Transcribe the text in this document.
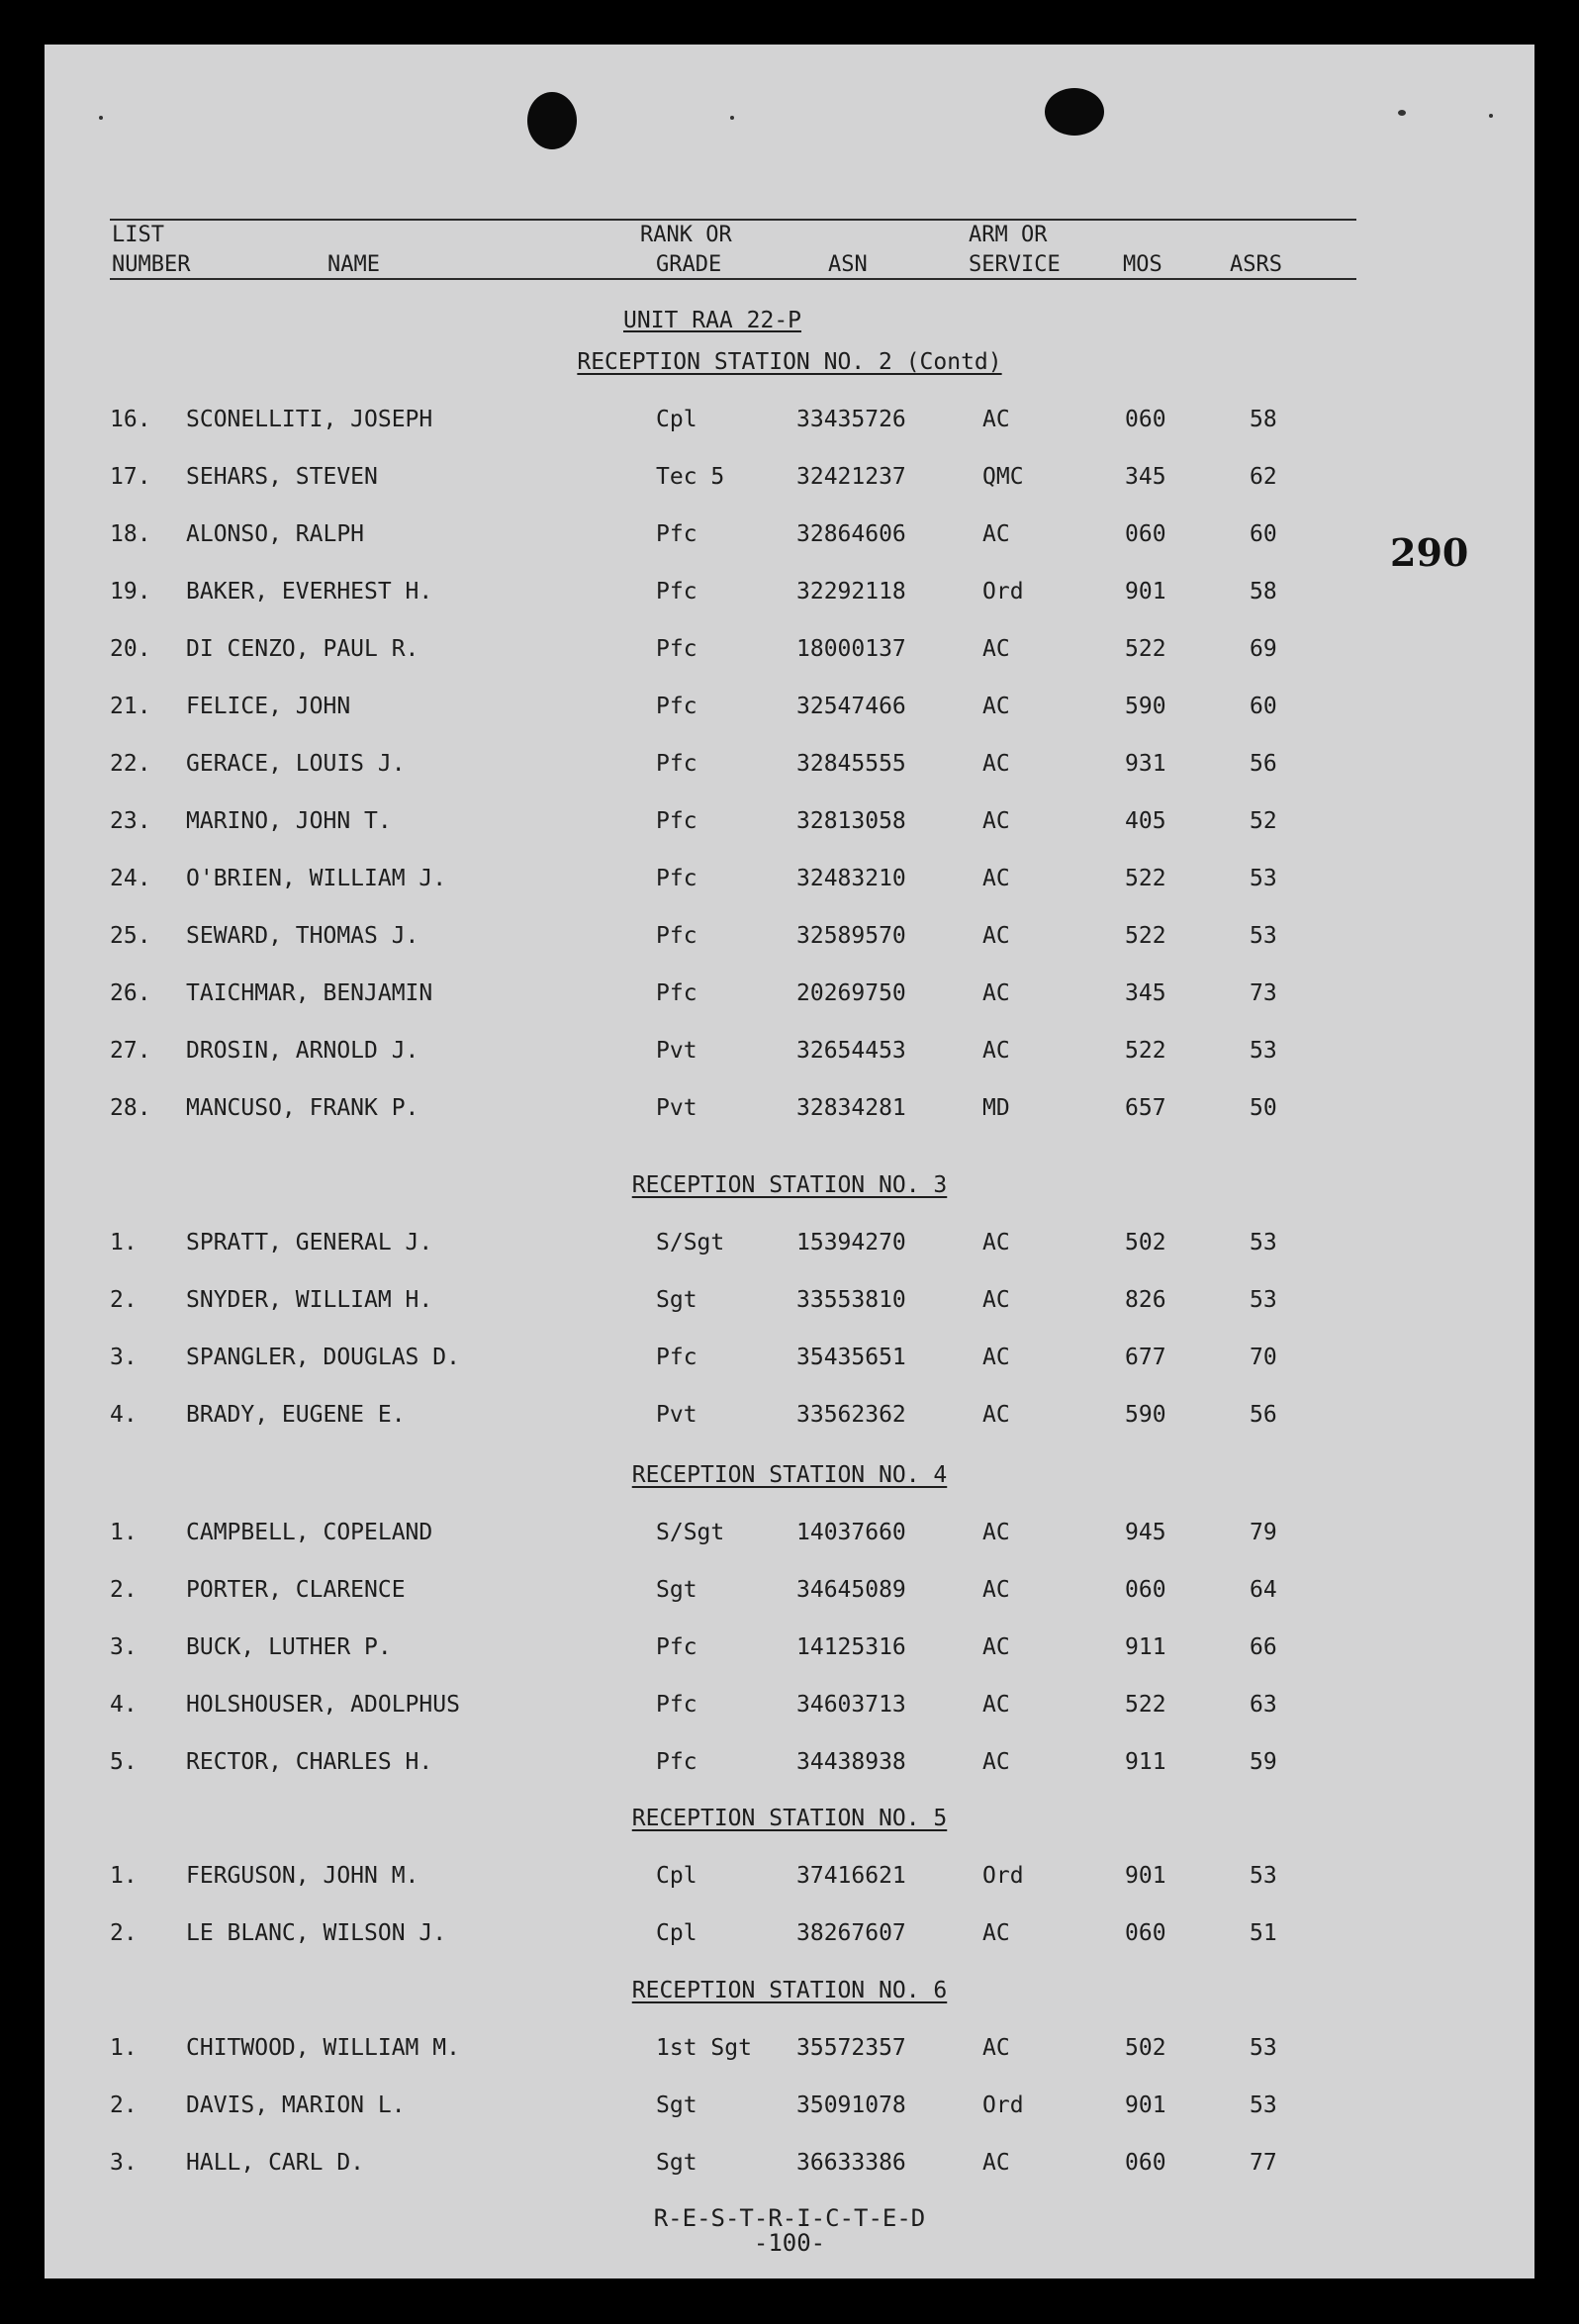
LIST
NUMBER	NAME
RANK OR
GRADE	ASN
ARM OR
SERVICE	MOS	ASRS
UNIT RAA 22-P
290
RECEPTION STATION NO. 2 (Contd)
16. SCONELLITI, JOSEPH	Cpl	33435726	AC	060	58
17. SEHARS, STEVEN	Tec 5	32421237	QMC	345	62
18. ALONSO, RALPH	Pfc	32864606	AC	060	60
19. BAKER, EVERHEST H.	Pfc	32292118	Ord	901	58
20. DI CENZO, PAUL R.	Pfc	18000137	AC	522	69
21. FELICE, JOHN	Pfc	32547466	AC	590	60
22. GERACE, LOUIS J.	Pfc	32845555	AC	931	56
23. MARINO, JOHN T.	Pfc	32813058	AC	405	52
24. O'BRIEN, WILLIAM J.	Pfc	32483210	AC	522	53
25. SEWARD, THOMAS J.	Pfc	32589570	AC	522	53
26. TAICHMAR, BENJAMIN	Pfc	20269750	AC	345	73
27. DROSIN, ARNOLD J.	Pvt	32654453	AC	522	53
28. MANCUSO, FRANK P.	Pvt	32834281	MD	657	50
RECEPTION STATION NO. 3
1. SPRATT, GENERAL J.	S/Sgt	15394270	AC	502	53
2. SNYDER, WILLIAM H.	Sgt	33553810	AC	826	53
3. SPANGLER, DOUGLAS D.	Pfc	35435651	AC	677	70
4. BRADY, EUGENE E.	Pvt	33562362	AC	590	56
RECEPTION STATION NO. 4
1. CAMPBELL, COPELAND	S/Sgt	14037660	AC	945	79
2. PORTER, CLARENCE	Sgt	34645089	AC	060	64
3. BUCK, LUTHER P.	Pfc	14125316	AC	911	66
4. HOLSHOUSER, ADOLPHUS	Pfc	34603713	AC	522	63
5. RECTOR, CHARLES H.	Pfc	34438938	AC	911	59
RECEPTION STATION NO. 5
1. FERGUSON, JOHN M.	Cpl	37416621	Ord	901	53
2. LE BLANC, WILSON J.	Cpl	38267607	AC	060	51
RECEPTION STATION NO. 6
1. CHITWOOD, WILLIAM M.	1st Sgt 35572357	AC	502	53
2. DAVIS, MARION L.	Sgt	35091078	Ord	901	53
3. HALL, CARL D.	Sgt	36633386	AC	060	77
R-E-S-T-R-I-C-T-E-D
-100-
